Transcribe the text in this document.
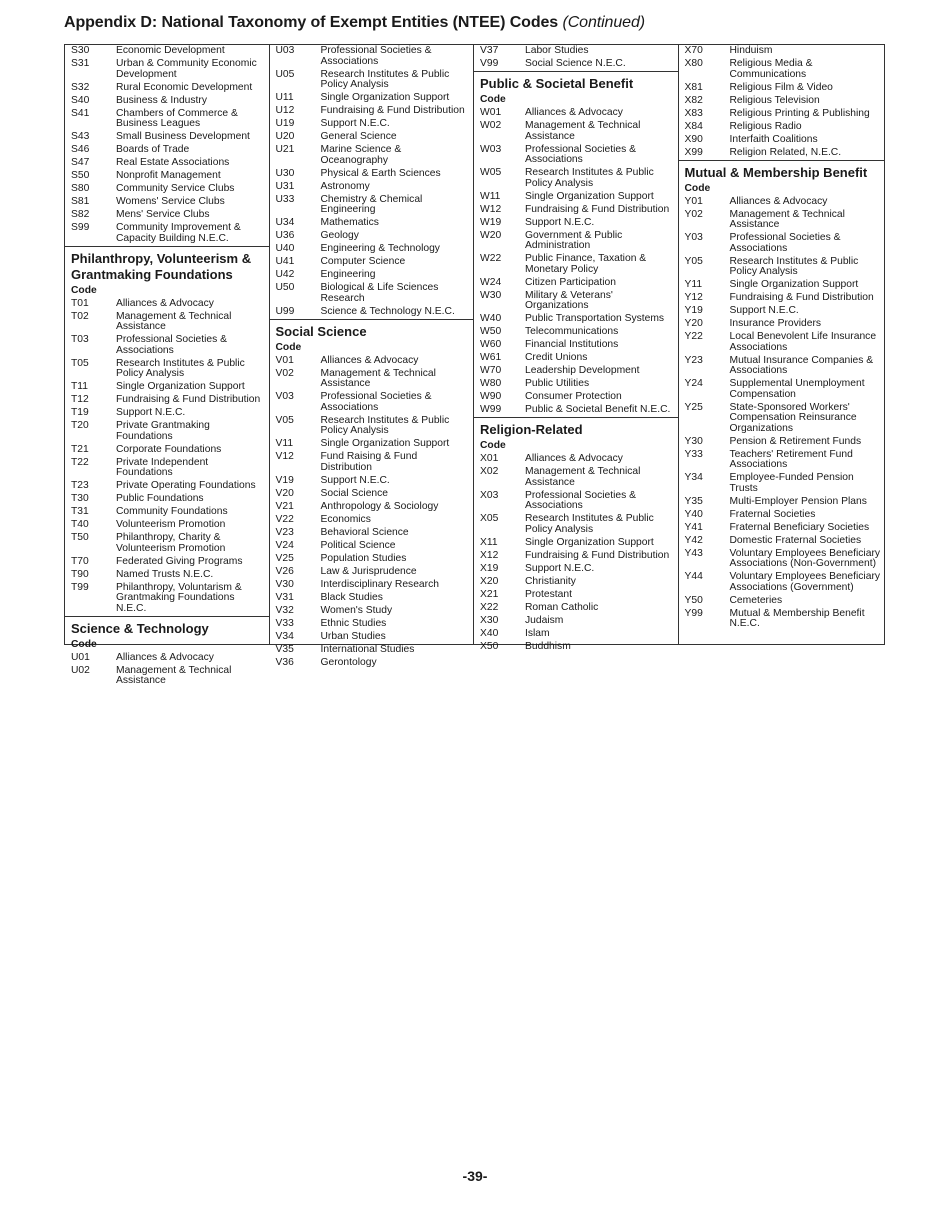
Appendix D: National Taxonomy of Exempt Entities (NTEE) Codes (Continued)
S30	Economic Development
S31	Urban & Community Economic Development
S32	Rural Economic Development
S40	Business & Industry
S41	Chambers of Commerce & Business Leagues
S43	Small Business Development
S46	Boards of Trade
S47	Real Estate Associations
S50	Nonprofit Management
S80	Community Service Clubs
S81	Womens' Service Clubs
S82	Mens' Service Clubs
S99	Community Improvement & Capacity Building N.E.C.
Philanthropy, Volunteerism & Grantmaking Foundations
Code
T01	Alliances & Advocacy
T02	Management & Technical Assistance
T03	Professional Societies & Associations
T05	Research Institutes & Public Policy Analysis
T11	Single Organization Support
T12	Fundraising & Fund Distribution
T19	Support N.E.C.
T20	Private Grantmaking Foundations
T21	Corporate Foundations
T22	Private Independent Foundations
T23	Private Operating Foundations
T30	Public Foundations
T31	Community Foundations
T40	Volunteerism Promotion
T50	Philanthropy, Charity & Volunteerism Promotion
T70	Federated Giving Programs
T90	Named Trusts N.E.C.
T99	Philanthropy, Voluntarism & Grantmaking Foundations N.E.C.
Science & Technology
Code
U01	Alliances & Advocacy
U02	Management & Technical Assistance
U03	Professional Societies & Associations
U05	Research Institutes & Public Policy Analysis
U11	Single Organization Support
U12	Fundraising & Fund Distribution
U19	Support N.E.C.
U20	General Science
U21	Marine Science & Oceanography
U30	Physical & Earth Sciences
U31	Astronomy
U33	Chemistry & Chemical Engineering
U34	Mathematics
U36	Geology
U40	Engineering & Technology
U41	Computer Science
U42	Engineering
U50	Biological & Life Sciences Research
U99	Science & Technology N.E.C.
Social Science
Code
V01	Alliances & Advocacy
V02	Management & Technical Assistance
V03	Professional Societies & Associations
V05	Research Institutes & Public Policy Analysis
V11	Single Organization Support
V12	Fund Raising & Fund Distribution
V19	Support N.E.C.
V20	Social Science
V21	Anthropology & Sociology
V22	Economics
V23	Behavioral Science
V24	Political Science
V25	Population Studies
V26	Law & Jurisprudence
V30	Interdisciplinary Research
V31	Black Studies
V32	Women's Study
V33	Ethnic Studies
V34	Urban Studies
V35	International Studies
V36	Gerontology
V37	Labor Studies
V99	Social Science N.E.C.
Public & Societal Benefit
Code
W01	Alliances & Advocacy
W02	Management & Technical Assistance
W03	Professional Societies & Associations
W05	Research Institutes & Public Policy Analysis
W11	Single Organization Support
W12	Fundraising & Fund Distribution
W19	Support N.E.C.
W20	Government & Public Administration
W22	Public Finance, Taxation & Monetary Policy
W24	Citizen Participation
W30	Military & Veterans' Organizations
W40	Public Transportation Systems
W50	Telecommunications
W60	Financial Institutions
W61	Credit Unions
W70	Leadership Development
W80	Public Utilities
W90	Consumer Protection
W99	Public & Societal Benefit N.E.C.
Religion-Related
Code
X01	Alliances & Advocacy
X02	Management & Technical Assistance
X03	Professional Societies & Associations
X05	Research Institutes & Public Policy Analysis
X11	Single Organization Support
X12	Fundraising & Fund Distribution
X19	Support N.E.C.
X20	Christianity
X21	Protestant
X22	Roman Catholic
X30	Judaism
X40	Islam
X50	Buddhism
X70	Hinduism
X80	Religious Media & Communications
X81	Religious Film & Video
X82	Religious Television
X83	Religious Printing & Publishing
X84	Religious Radio
X90	Interfaith Coalitions
X99	Religion Related, N.E.C.
Mutual & Membership Benefit
Code
Y01	Alliances & Advocacy
Y02	Management & Technical Assistance
Y03	Professional Societies & Associations
Y05	Research Institutes & Public Policy Analysis
Y11	Single Organization Support
Y12	Fundraising & Fund Distribution
Y19	Support N.E.C.
Y20	Insurance Providers
Y22	Local Benevolent Life Insurance Associations
Y23	Mutual Insurance Companies & Associations
Y24	Supplemental Unemployment Compensation
Y25	State-Sponsored Workers' Compensation Reinsurance Organizations
Y30	Pension & Retirement Funds
Y33	Teachers' Retirement Fund Associations
Y34	Employee-Funded Pension Trusts
Y35	Multi-Employer Pension Plans
Y40	Fraternal Societies
Y41	Fraternal Beneficiary Societies
Y42	Domestic Fraternal Societies
Y43	Voluntary Employees Beneficiary Associations (Non-Government)
Y44	Voluntary Employees Beneficiary Associations (Government)
Y50	Cemeteries
Y99	Mutual & Membership Benefit N.E.C.
-39-
